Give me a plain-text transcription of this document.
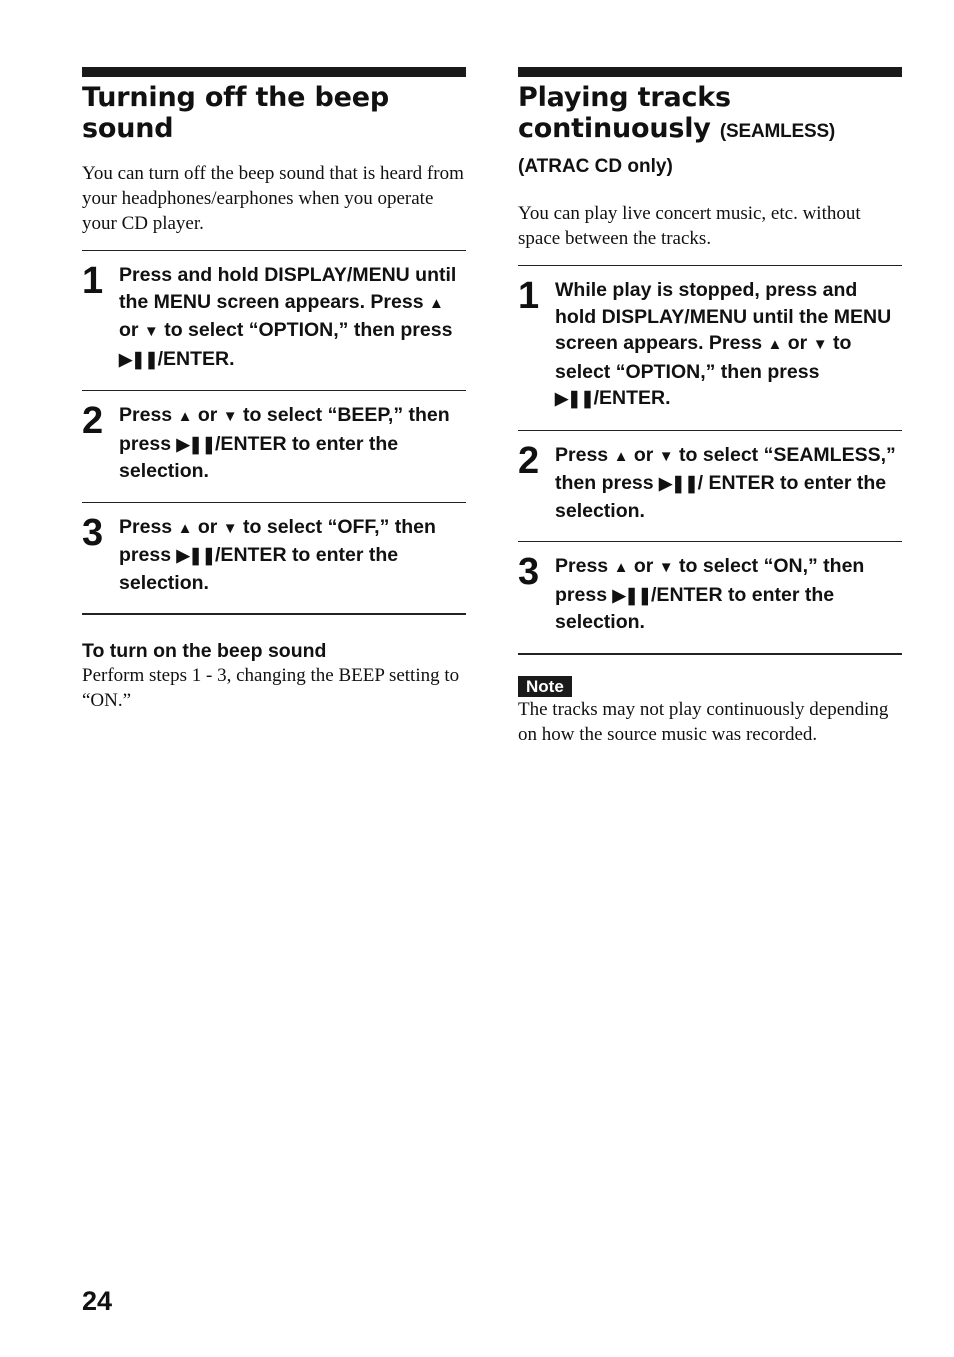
Turning off the beep sound
You can turn off the beep sound that is heard from your headphones/earphones when you operate your CD player.
1 Press and hold DISPLAY/MENU until the MENU screen appears. Press ▲ or ▼ to select “OPTION,” then press ▶❚❚/ENTER.
2 Press ▲ or ▼ to select “BEEP,” then press ▶❚❚/ENTER to enter the selection.
3 Press ▲ or ▼ to select “OFF,” then press ▶❚❚/ENTER to enter the selection.
To turn on the beep sound
Perform steps 1 - 3, changing the BEEP setting to “ON.”
Playing tracks continuously (SEAMLESS)
(ATRAC CD only)
You can play live concert music, etc. without space between the tracks.
1 While play is stopped, press and hold DISPLAY/MENU until the MENU screen appears. Press ▲ or ▼ to select “OPTION,” then press ▶❚❚/ENTER.
2 Press ▲ or ▼ to select “SEAMLESS,” then press ▶❚❚/ ENTER to enter the selection.
3 Press ▲ or ▼ to select “ON,” then press ▶❚❚/ENTER to enter the selection.
Note
The tracks may not play continuously depending on how the source music was recorded.
24
